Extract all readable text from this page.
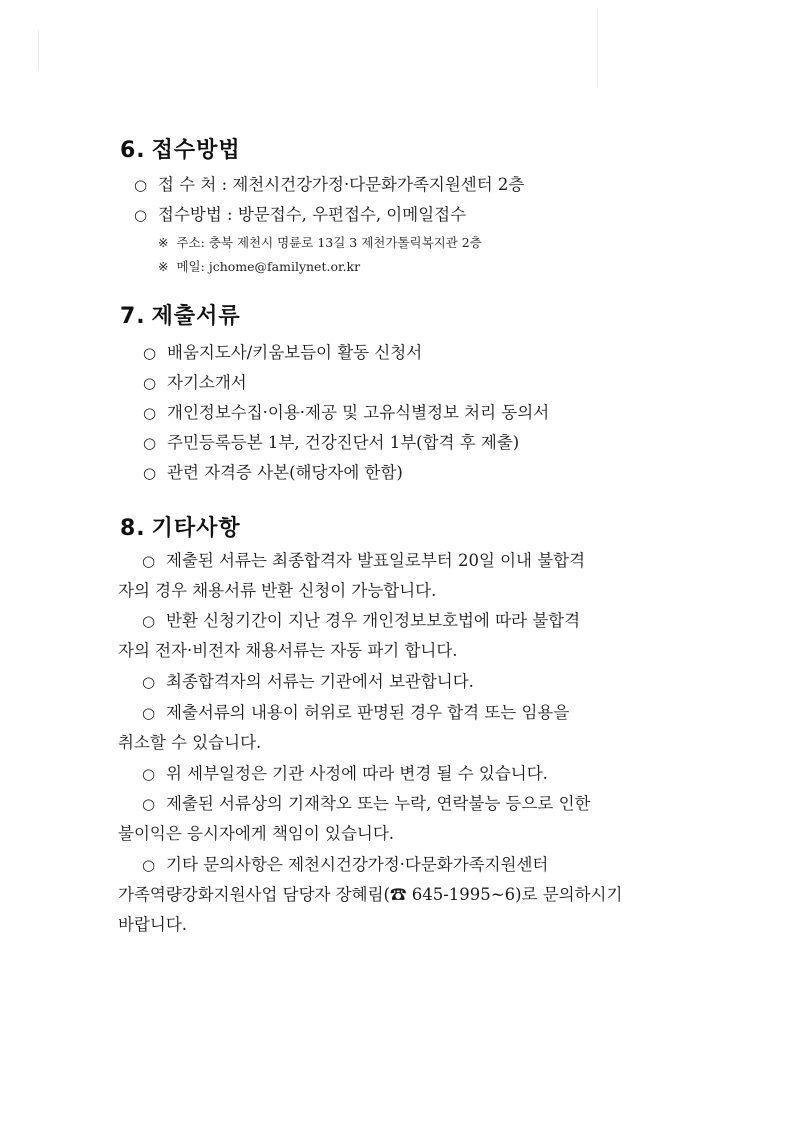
6. 접수방법
○ 접 수 처 : 제천시건강가정·다문화가족지원센터 2층
○ 접수방법 : 방문접수, 우편접수, 이메일접수
※ 주소: 충북 제천시 명륜로 13길 3 제천가톨릭복지관 2층
※ 메일: jchome@familynet.or.kr
7. 제출서류
○ 배움지도사/키움보듬이 활동 신청서
○ 자기소개서
○ 개인정보수집·이용·제공 및 고유식별정보 처리 동의서
○ 주민등록등본 1부, 건강진단서 1부(합격 후 제출)
○ 관련 자격증 사본(해당자에 한함)
8. 기타사항

○ 제출된 서류는 최종합격자 발표일로부터 20일 이내 불합격
자의 경우 채용서류 반환 신청이 가능합니다.

○ 반환 신청기간이 지난 경우 개인정보보호법에 따라 불합격
자의 전자·비전자 채용서류는 자동 파기 합니다.

○ 최종합격자의 서류는 기관에서 보관합니다.

○ 제출서류의 내용이 허위로 판명된 경우 합격 또는 임용을
취소할 수 있습니다.

○ 위 세부일정은 기관 사정에 따라 변경 될 수 있습니다.

○ 제출된 서류상의 기재착오 또는 누락, 연락불능 등으로 인한
불이익은 응시자에게 책임이 있습니다.

○ 기타 문의사항은 제천시건강가정·다문화가족지원센터
가족역량강화지원사업 담당자 장혜림(☎ 645-1995~6)로 문의하시기
바랍니다.
